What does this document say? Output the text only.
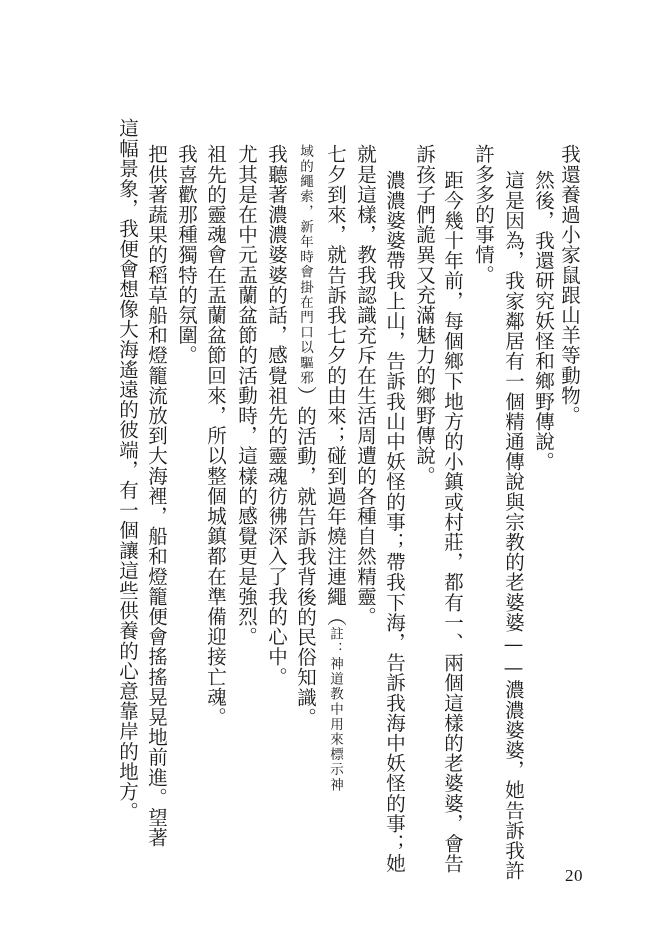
我還養過小家鼠跟山羊等動物。
然後，我還研究妖怪和鄉野傳說。
這是因為，我家鄰居有一個精通傳說與宗教的老婆婆——濃濃婆婆，她告訴我許
許多多的事情。
距今幾十年前，每個鄉下地方的小鎮或村莊，都有一、兩個這樣的老婆婆，會告
訴孩子們詭異又充滿魅力的鄉野傳說。
濃濃婆婆帶我上山，告訴我山中妖怪的事；帶我下海，告訴我海中妖怪的事；她
就是這樣，教我認識充斥在生活周遭的各種自然精靈。
七夕到來，就告訴我七夕的由來；碰到過年燒注連繩（註：神道教中用來標示神
域的繩索，新年時會掛在門口以驅邪）的活動，就告訴我背後的民俗知識。
我聽著濃濃婆婆的話，感覺祖先的靈魂彷彿深入了我的心中。
尤其是在中元盂蘭盆節的活動時，這樣的感覺更是強烈。
祖先的靈魂會在盂蘭盆節回來，所以整個城鎮都在準備迎接亡魂。
我喜歡那種獨特的氛圍。
把供著蔬果的稻草船和燈籠流放到大海裡，船和燈籠便會搖搖晃晃地前進。望著
這幅景象，我便會想像大海遙遠的彼端，有一個讓這些供養的心意靠岸的地方。
20
